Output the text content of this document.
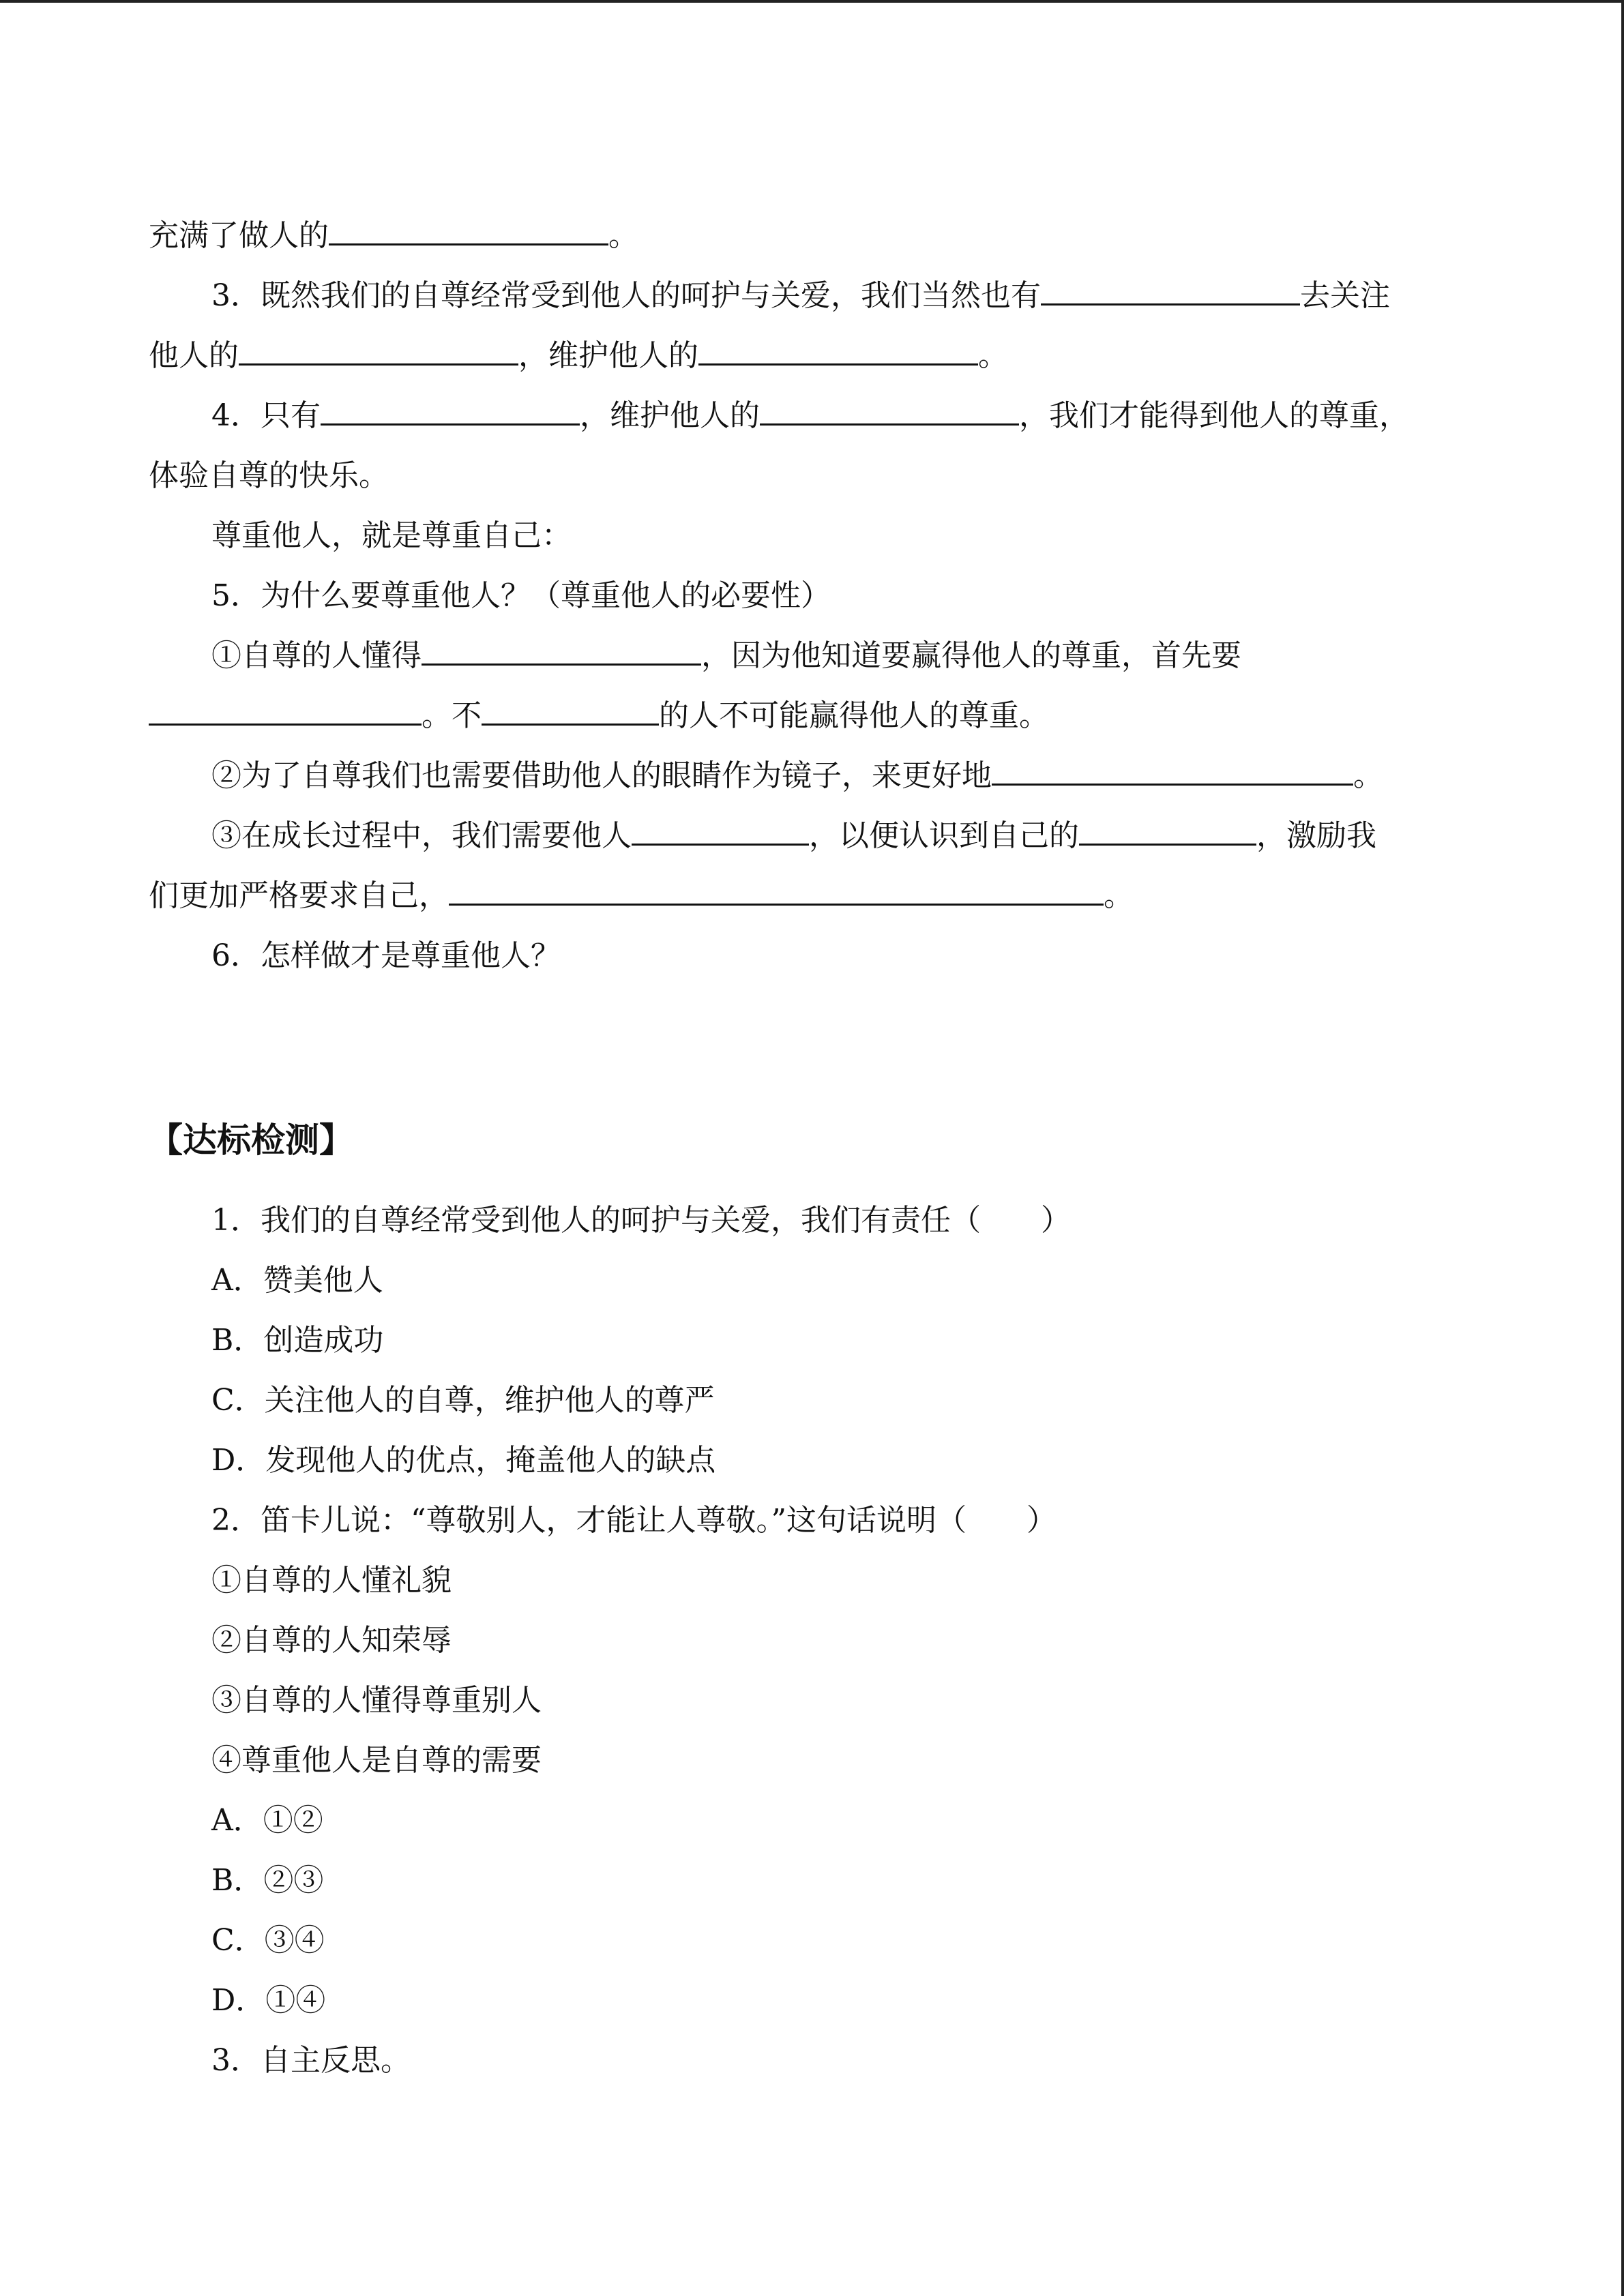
充满了做人的	。
3．既然我们的自尊经常受到他人的呵护与关爱，我们当然也有	去关注
他人的	，维护他人的	。
4．只有	，维护他人的	，我们才能得到他人的尊重，
体验自尊的快乐。
尊重他人，就是尊重自己：
5．为什么要尊重他人？（尊重他人的必要性）
①自尊的人懂得	，因为他知道要赢得他人的尊重，首先要
。不	的人不可能赢得他人的尊重。
②为了自尊我们也需要借助他人的眼睛作为镜子，来更好地	。
③在成长过程中，我们需要他人	，以便认识到自己的	，激励我
们更加严格要求自己，	。
6．怎样做才是尊重他人？
【达标检测】
1．我们的自尊经常受到他人的呵护与关爱，我们有责任（　　）
A．赞美他人
B．创造成功
C．关注他人的自尊，维护他人的尊严
D．发现他人的优点，掩盖他人的缺点
2．笛卡儿说：“尊敬别人，才能让人尊敬。”这句话说明（　　）
①自尊的人懂礼貌
②自尊的人知荣辱
③自尊的人懂得尊重别人
④尊重他人是自尊的需要
A．①②
B．②③
C．③④
D．①④
3．自主反思。
